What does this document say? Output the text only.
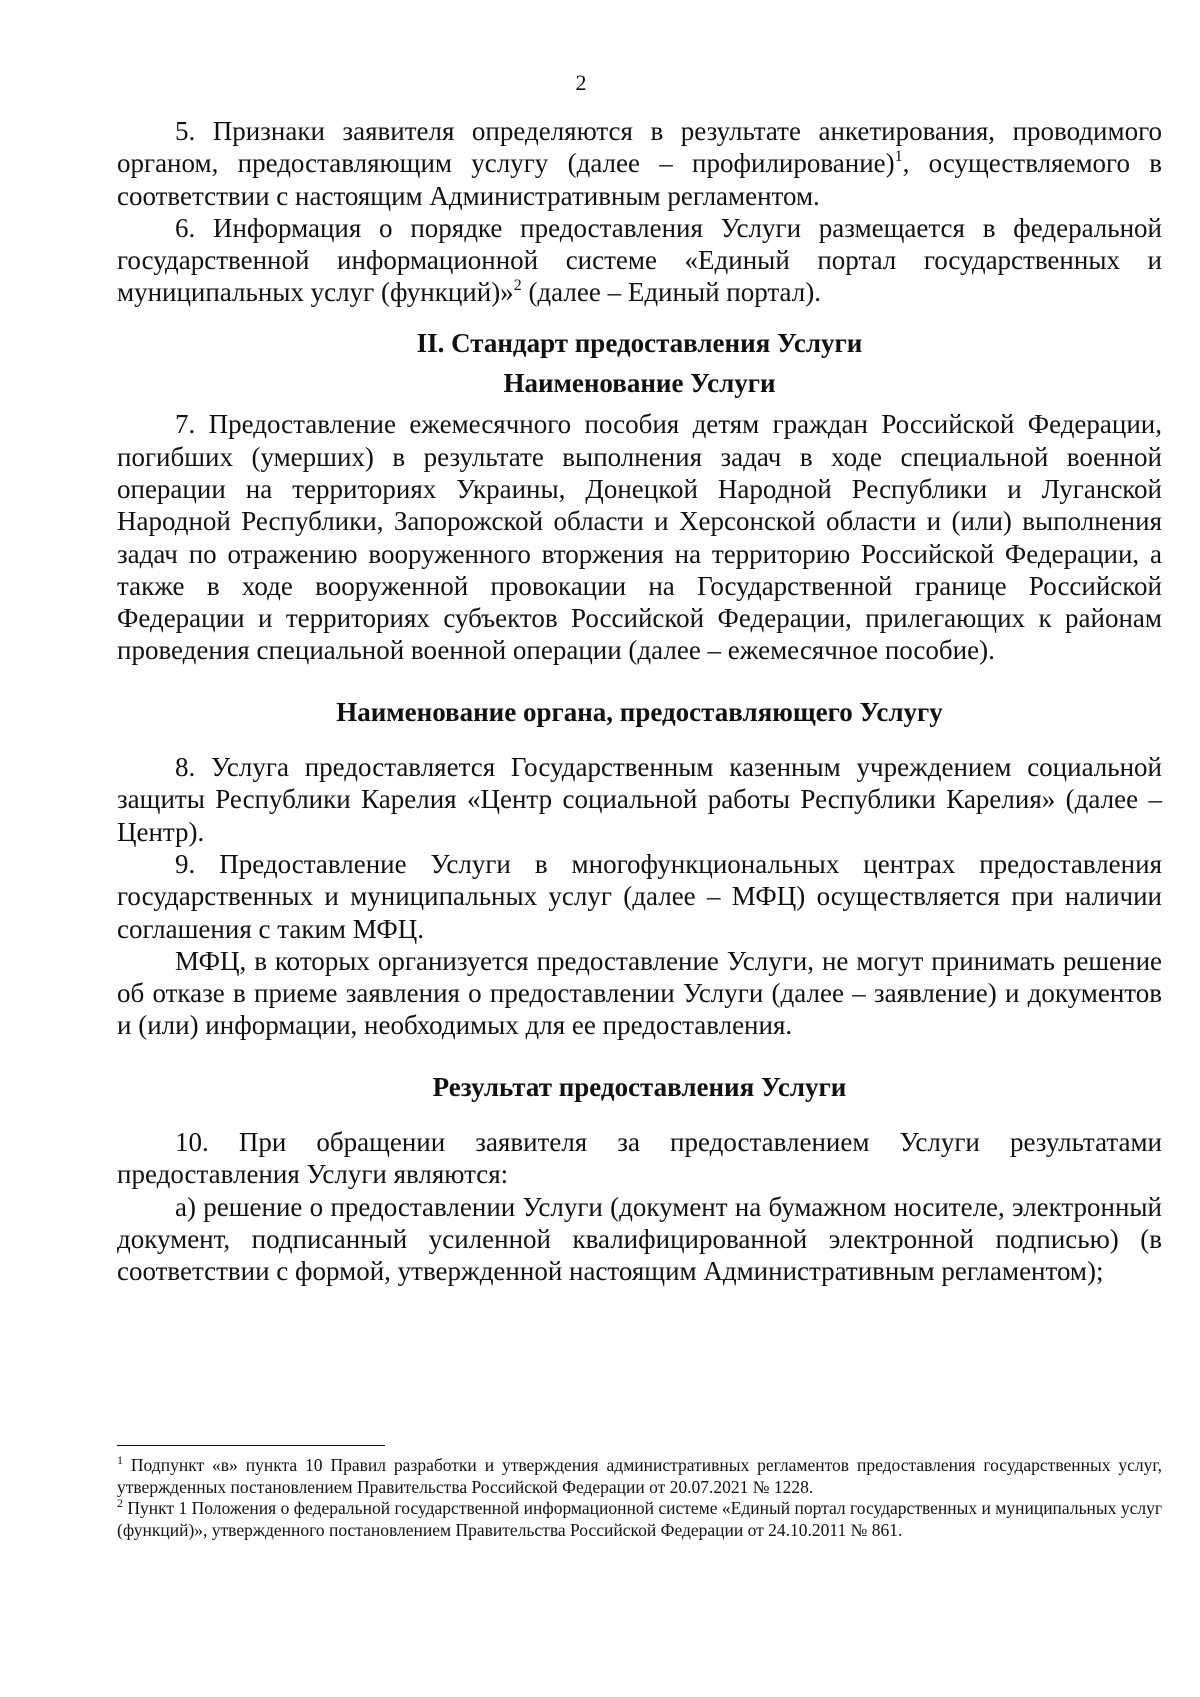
2

5. Признаки заявителя определяются в результате анкетирования, проводимого органом, предоставляющим услугу (далее – профилирование)$^1$, осуществляемого в соответствии с настоящим Административным регламентом.

6. Информация о порядке предоставления Услуги размещается в федеральной государственной информационной системе «Единый портал государственных и муниципальных услуг (функций)»$^2$ (далее – Единый портал).

II. Стандарт предоставления Услуги
Наименование Услуги

7. Предоставление ежемесячного пособия детям граждан Российской Федерации, погибших (умерших) в результате выполнения задач в ходе специальной военной операции на территориях Украины, Донецкой Народной Республики и Луганской Народной Республики, Запорожской области и Херсонской области и (или) выполнения задач по отражению вооруженного вторжения на территорию Российской Федерации, а также в ходе вооруженной провокации на Государственной границе Российской Федерации и территориях субъектов Российской Федерации, прилегающих к районам проведения специальной военной операции (далее – ежемесячное пособие).

Наименование органа, предоставляющего Услугу

8. Услуга предоставляется Государственным казенным учреждением социальной защиты Республики Карелия «Центр социальной работы Республики Карелия» (далее – Центр).

9. Предоставление Услуги в многофункциональных центрах предоставления государственных и муниципальных услуг (далее – МФЦ) осуществляется при наличии соглашения с таким МФЦ.

МФЦ, в которых организуется предоставление Услуги, не могут принимать решение об отказе в приеме заявления о предоставлении Услуги (далее – заявление) и документов и (или) информации, необходимых для ее предоставления.

Результат предоставления Услуги

10. При обращении заявителя за предоставлением Услуги результатами предоставления Услуги являются:

а) решение о предоставлении Услуги (документ на бумажном носителе, электронный документ, подписанный усиленной квалифицированной электронной подписью) (в соответствии с формой, утвержденной настоящим Административным регламентом);

$^1$ Подпункт «в» пункта 10 Правил разработки и утверждения административных регламентов предоставления государственных услуг, утвержденных постановлением Правительства Российской Федерации от 20.07.2021 № 1228.

$^2$ Пункт 1 Положения о федеральной государственной информационной системе «Единый портал государственных и муниципальных услуг (функций)», утвержденного постановлением Правительства Российской Федерации от 24.10.2011 № 861.
